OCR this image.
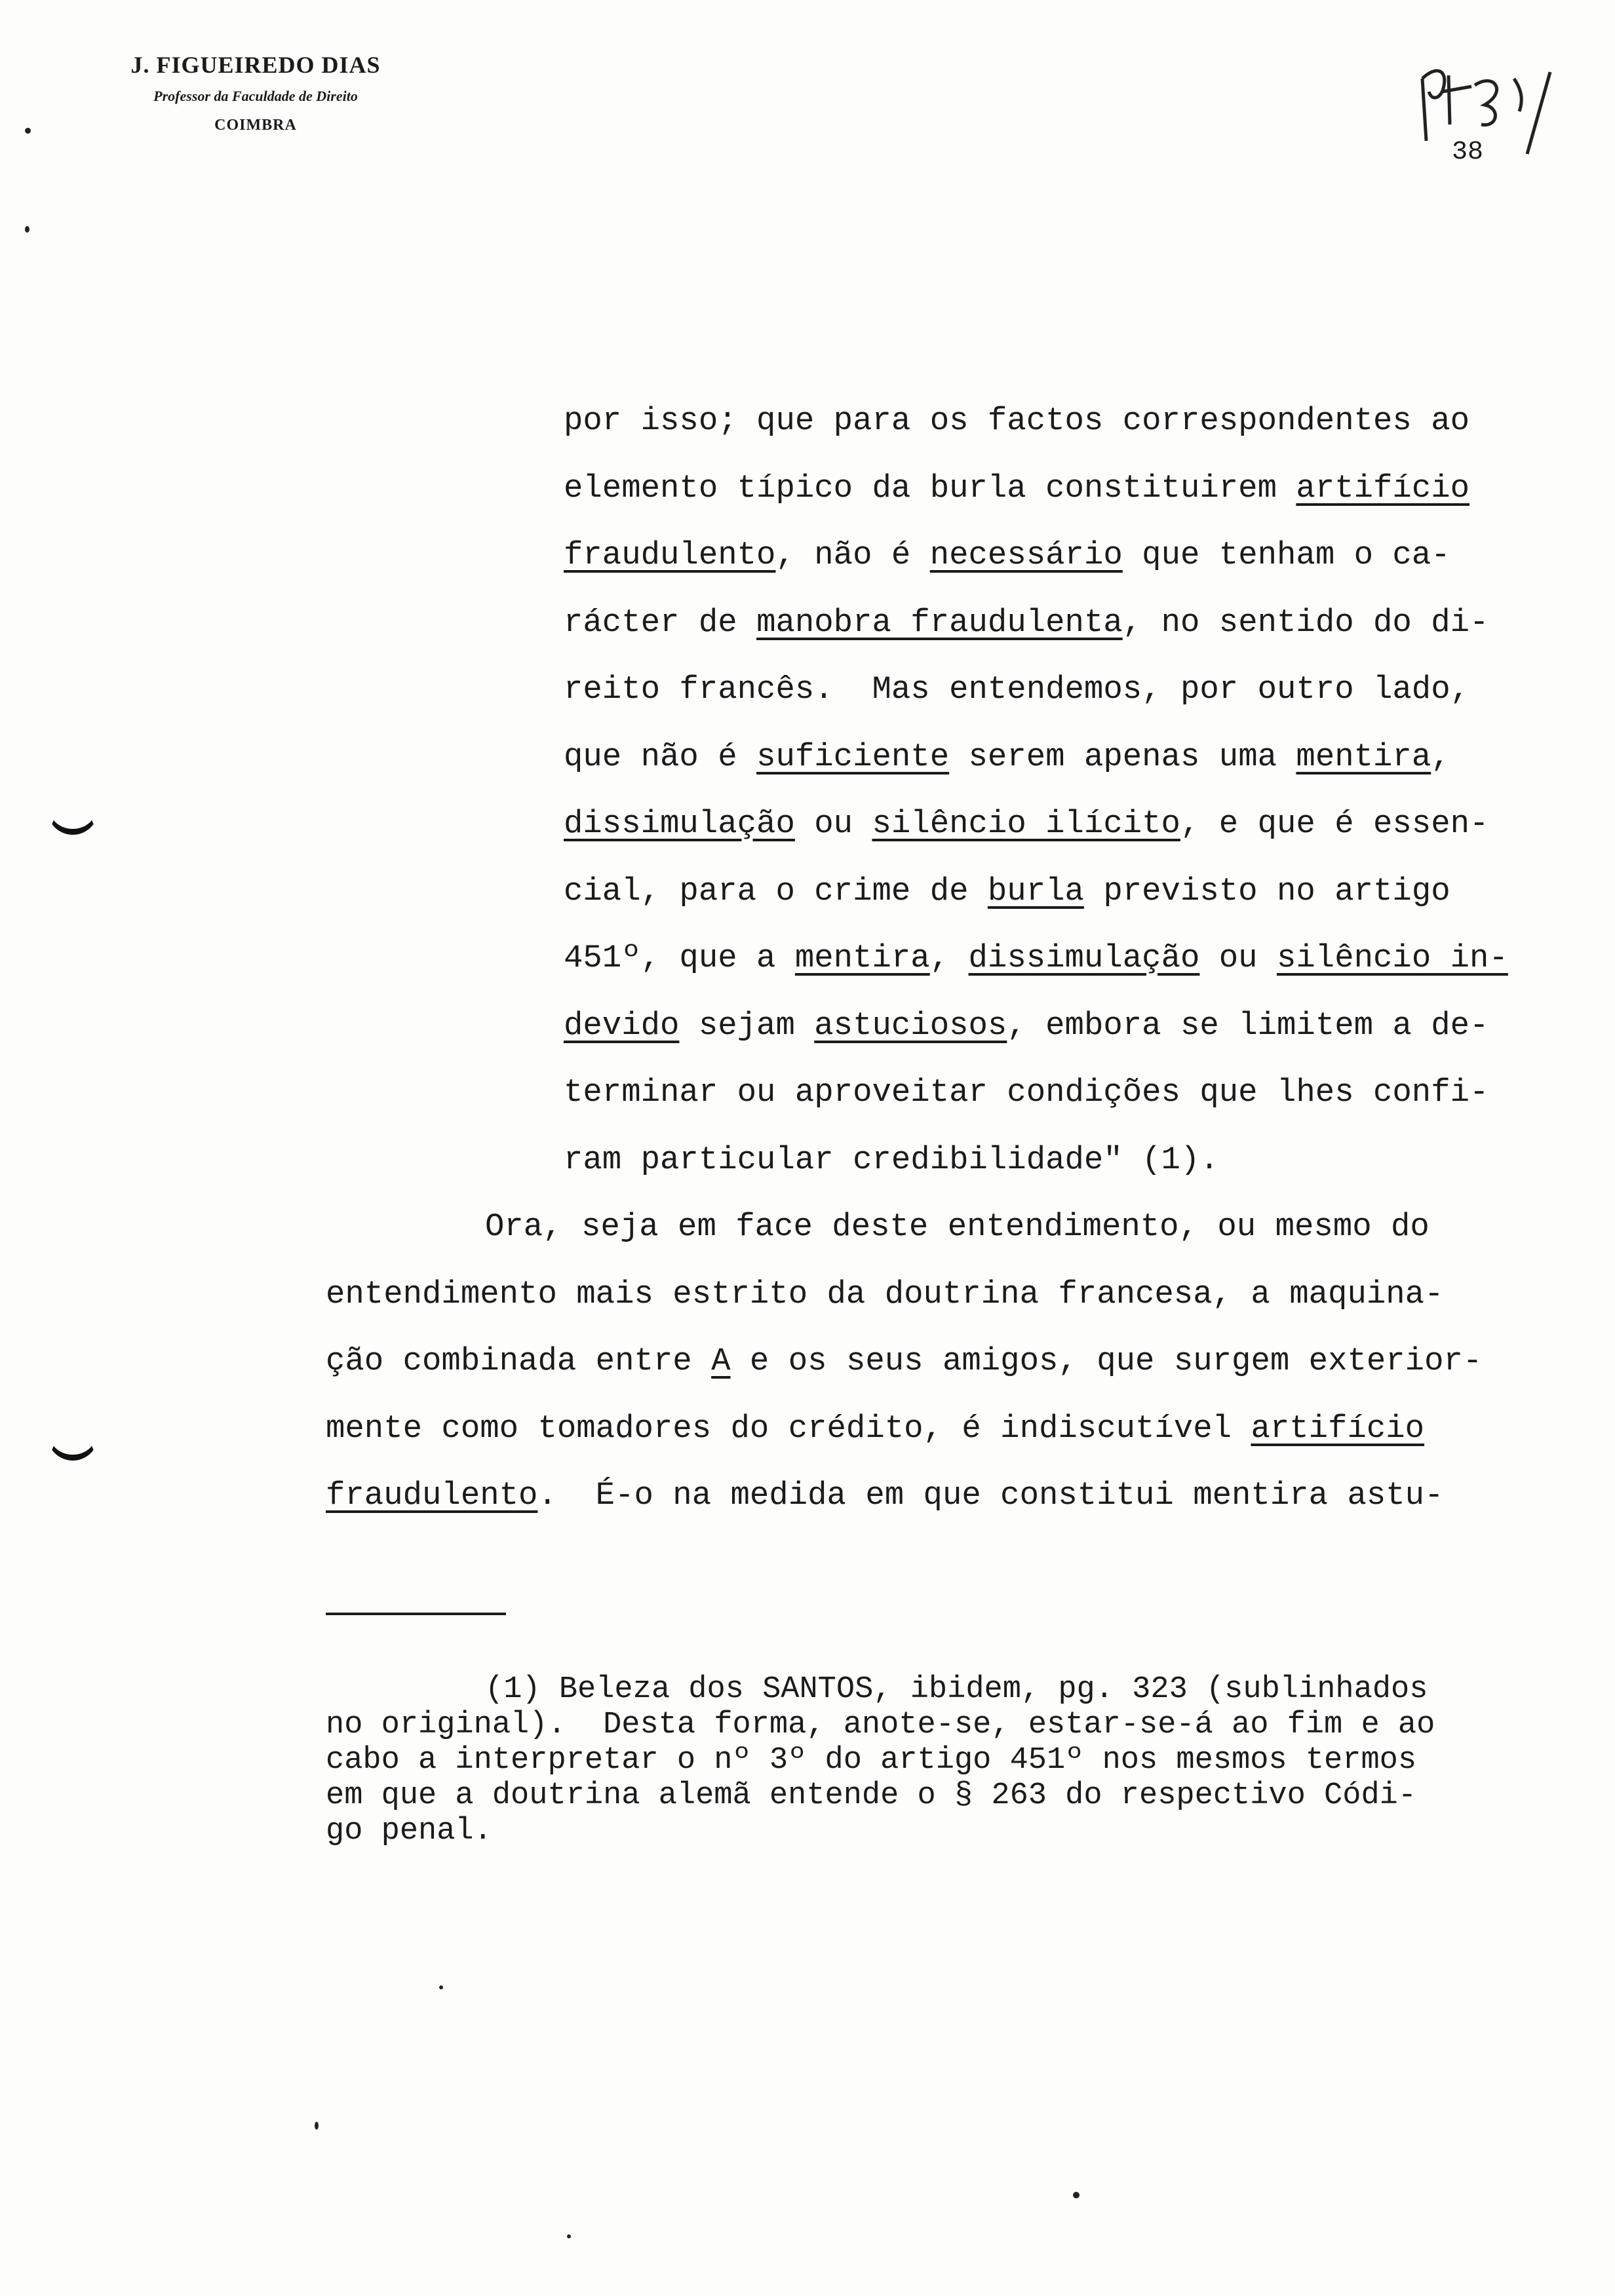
J. FIGUEIREDO DIAS
Professor da Faculdade de Direito
COIMBRA
38
por isso; que para os factos correspondentes ao
elemento típico da burla constituirem artifício
fraudulento, não é necessário que tenham o ca-
rácter de manobra fraudulenta, no sentido do di-
reito francês.  Mas entendemos, por outro lado,
que não é suficiente serem apenas uma mentira,
dissimulação ou silêncio ilícito, e que é essen-
cial, para o crime de burla previsto no artigo
451º, que a mentira, dissimulação ou silêncio in-
devido sejam astuciosos, embora se limitem a de-
terminar ou aproveitar condições que lhes confi-
ram particular credibilidade" (1).
Ora, seja em face deste entendimento, ou mesmo do
entendimento mais estrito da doutrina francesa, a maquina-
ção combinada entre A e os seus amigos, que surgem exterior-
mente como tomadores do crédito, é indiscutível artifício
fraudulento.  É-o na medida em que constitui mentira astu-
(1) Beleza dos SANTOS, ibidem, pg. 323 (sublinhados
no original).  Desta forma, anote-se, estar-se-á ao fim e ao
cabo a interpretar o nº 3º do artigo 451º nos mesmos termos
em que a doutrina alemã entende o § 263 do respectivo Códi-
go penal.
